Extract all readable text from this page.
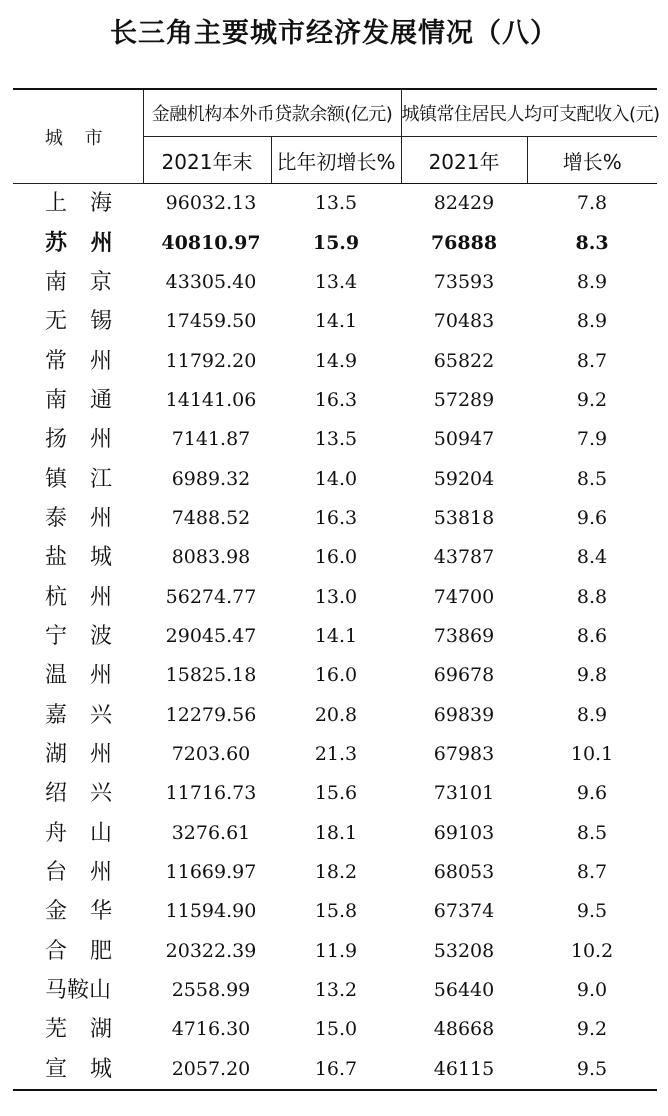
长三角主要城市经济发展情况（八）
城 市	金融机构本外币贷款余额(亿元)		城镇常住居民人均可支配收入(元)	
	2021年末	比年初增长%	2021年	增长%
上 海	96032.13	13.5	82429	7.8
苏 州	40810.97	15.9	76888	8.3
南 京	43305.40	13.4	73593	8.9
无 锡	17459.50	14.1	70483	8.9
常 州	11792.20	14.9	65822	8.7
南 通	14141.06	16.3	57289	9.2
扬 州	7141.87	13.5	50947	7.9
镇 江	6989.32	14.0	59204	8.5
泰 州	7488.52	16.3	53818	9.6
盐 城	8083.98	16.0	43787	8.4
杭 州	56274.77	13.0	74700	8.8
宁 波	29045.47	14.1	73869	8.6
温 州	15825.18	16.0	69678	9.8
嘉 兴	12279.56	20.8	69839	8.9
湖 州	7203.60	21.3	67983	10.1
绍 兴	11716.73	15.6	73101	9.6
舟 山	3276.61	18.1	69103	8.5
台 州	11669.97	18.2	68053	8.7
金 华	11594.90	15.8	67374	9.5
合 肥	20322.39	11.9	53208	10.2
马鞍山	2558.99	13.2	56440	9.0
芜 湖	4716.30	15.0	48668	9.2
宣 城	2057.20	16.7	46115	9.5
